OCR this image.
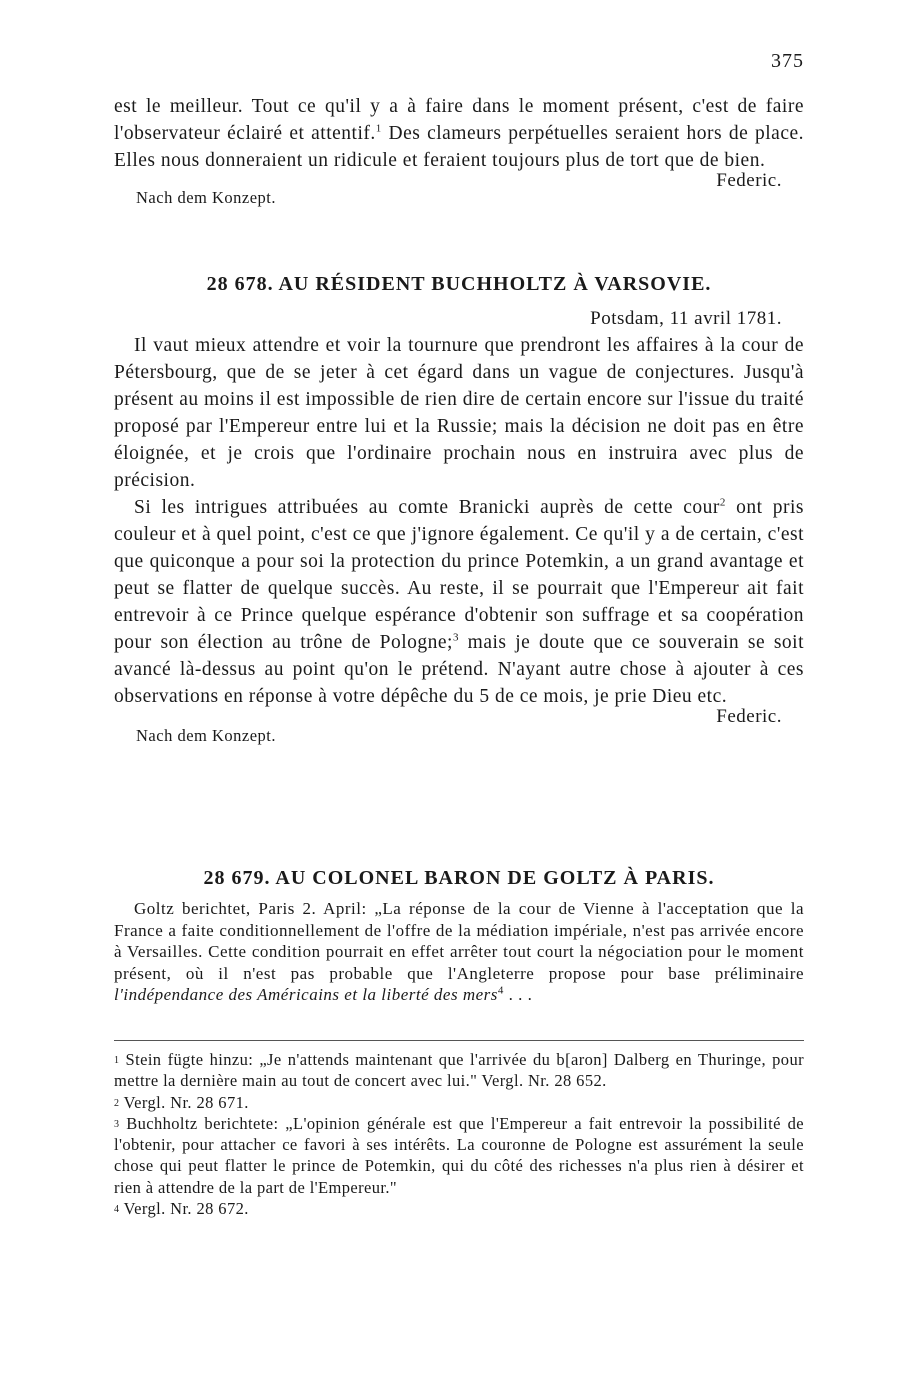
375

est le meilleur. Tout ce qu'il y a à faire dans le moment présent, c'est de faire l'observateur éclairé et attentif.$^1$ Des clameurs perpétuelles seraient hors de place. Elles nous donneraient un ridicule et feraient toujours plus de tort que de bien.

Federic.
Nach dem Konzept.
28 678. AU RÉSIDENT BUCHHOLTZ À VARSOVIE.
Potsdam, 11 avril 1781.

Il vaut mieux attendre et voir la tournure que prendront les affaires à la cour de Pétersbourg, que de se jeter à cet égard dans un vague de conjectures. Jusqu'à présent au moins il est impossible de rien dire de certain encore sur l'issue du traité proposé par l'Empereur entre lui et la Russie; mais la décision ne doit pas en être éloignée, et je crois que l'ordinaire prochain nous en instruira avec plus de précision.

Si les intrigues attribuées au comte Branicki auprès de cette cour$^2$ ont pris couleur et à quel point, c'est ce que j'ignore également. Ce qu'il y a de certain, c'est que quiconque a pour soi la protection du prince Potemkin, a un grand avantage et peut se flatter de quelque succès. Au reste, il se pourrait que l'Empereur ait fait entrevoir à ce Prince quelque espérance d'obtenir son suffrage et sa coopération pour son élection au trône de Pologne;$^3$ mais je doute que ce souverain se soit avancé là-dessus au point qu'on le prétend. N'ayant autre chose à ajouter à ces observations en réponse à votre dépêche du 5 de ce mois, je prie Dieu etc.

Federic.
Nach dem Konzept.
28 679. AU COLONEL BARON DE GOLTZ À PARIS.

Goltz berichtet, Paris 2. April: „La réponse de la cour de Vienne à l'acceptation que la France a faite conditionnellement de l'offre de la médiation impériale, n'est pas arrivée encore à Versailles. Cette condition pourrait en effet arrêter tout court la négociation pour le moment présent, où il n'est pas probable que l'Angleterre propose pour base préliminaire l'indépendance des Américains et la liberté des mers$^4$ . . .

$^1$ Stein fügte hinzu: „Je n'attends maintenant que l'arrivée du b[aron] Dalberg en Thuringe, pour mettre la dernière main au tout de concert avec lui." Vergl. Nr. 28 652.

$^2$ Vergl. Nr. 28 671.

$^3$ Buchholtz berichtete: „L'opinion générale est que l'Empereur a fait entrevoir la possibilité de l'obtenir, pour attacher ce favori à ses intérêts. La couronne de Pologne est assurément la seule chose qui peut flatter le prince de Potemkin, qui du côté des richesses n'a plus rien à désirer et rien à attendre de la part de l'Empereur."

$^4$ Vergl. Nr. 28 672.
